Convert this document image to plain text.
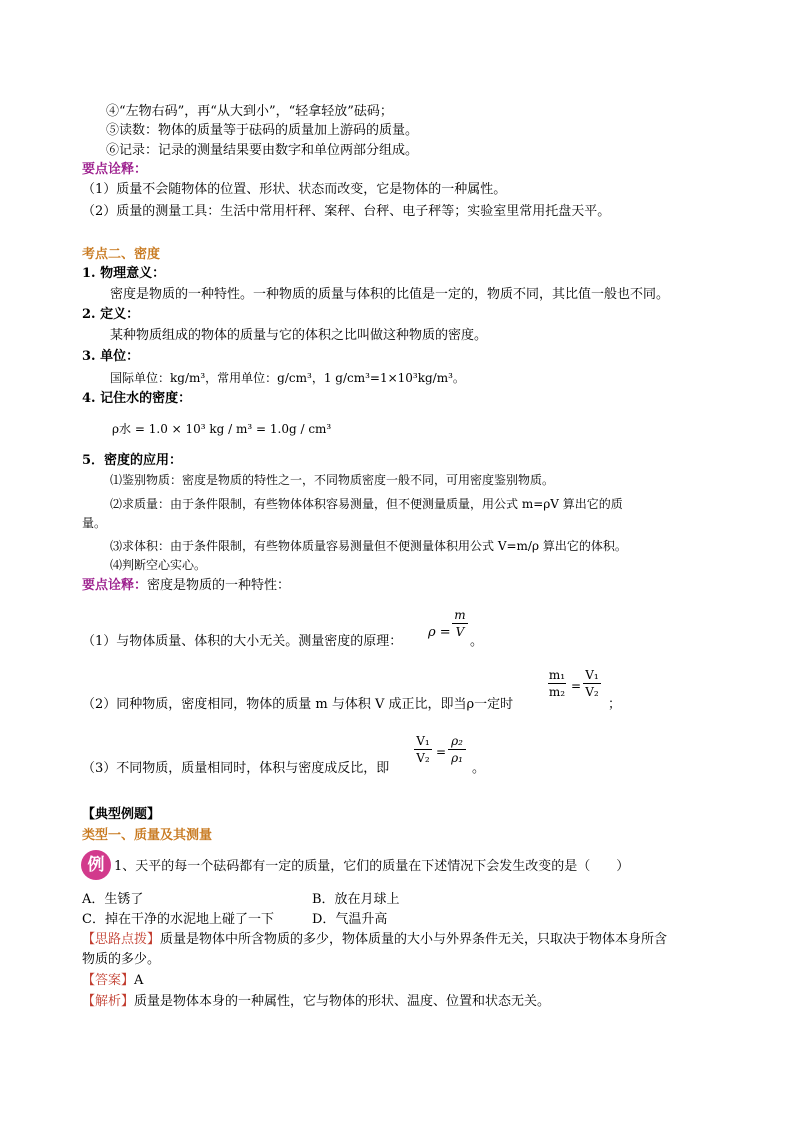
④“左物右码”，再“从大到小”，“轻拿轻放”砝码；
⑤读数：物体的质量等于砝码的质量加上游码的质量。
⑥记录：记录的测量结果要由数字和单位两部分组成。
要点诠释：
（1）质量不会随物体的位置、形状、状态而改变，它是物体的一种属性。
（2）质量的测量工具：生活中常用杆秤、案秤、台秤、电子秤等；实验室里常用托盘天平。
考点二、密度
1. 物理意义：
密度是物质的一种特性。一种物质的质量与体积的比值是一定的，物质不同，其比值一般也不同。
2. 定义：
某种物质组成的物体的质量与它的体积之比叫做这种物质的密度。
3. 单位：
国际单位：kg/m³，常用单位：g/cm³，1 g/cm³=1×10³kg/m³。
4. 记住水的密度：
ρ水 = 1.0 × 10³ kg / m³ = 1.0g / cm³
5．密度的应用：
⑴鉴别物质：密度是物质的特性之一，不同物质密度一般不同，可用密度鉴别物质。
⑵求质量：由于条件限制，有些物体体积容易测量，但不便测量质量，用公式 m=ρV 算出它的质
量。
⑶求体积：由于条件限制，有些物体质量容易测量但不便测量体积用公式 V=m/ρ 算出它的体积。
⑷判断空心实心。
要点诠释：密度是物质的一种特性：
（1）与物体质量、体积的大小无关。测量密度的原理：
ρ =
m
V
。
（2）同种物质，密度相同，物体的质量 m 与体积 V 成正比，即当ρ一定时
m₁
m₂ =
V₁
V₂
；
（3）不同物质，质量相同时，体积与密度成反比，即
V₁
V₂ =
ρ₂
ρ₁
。
【典型例题】
类型一、质量及其测量
例 1、天平的每一个砝码都有一定的质量，它们的质量在下述情况下会发生改变的是（　　）
A．生锈了	B．放在月球上
C．掉在干净的水泥地上碰了一下	D．气温升高
【思路点拨】质量是物体中所含物质的多少，物体质量的大小与外界条件无关，只取决于物体本身所含
物质的多少。
【答案】A
【解析】质量是物体本身的一种属性，它与物体的形状、温度、位置和状态无关。
